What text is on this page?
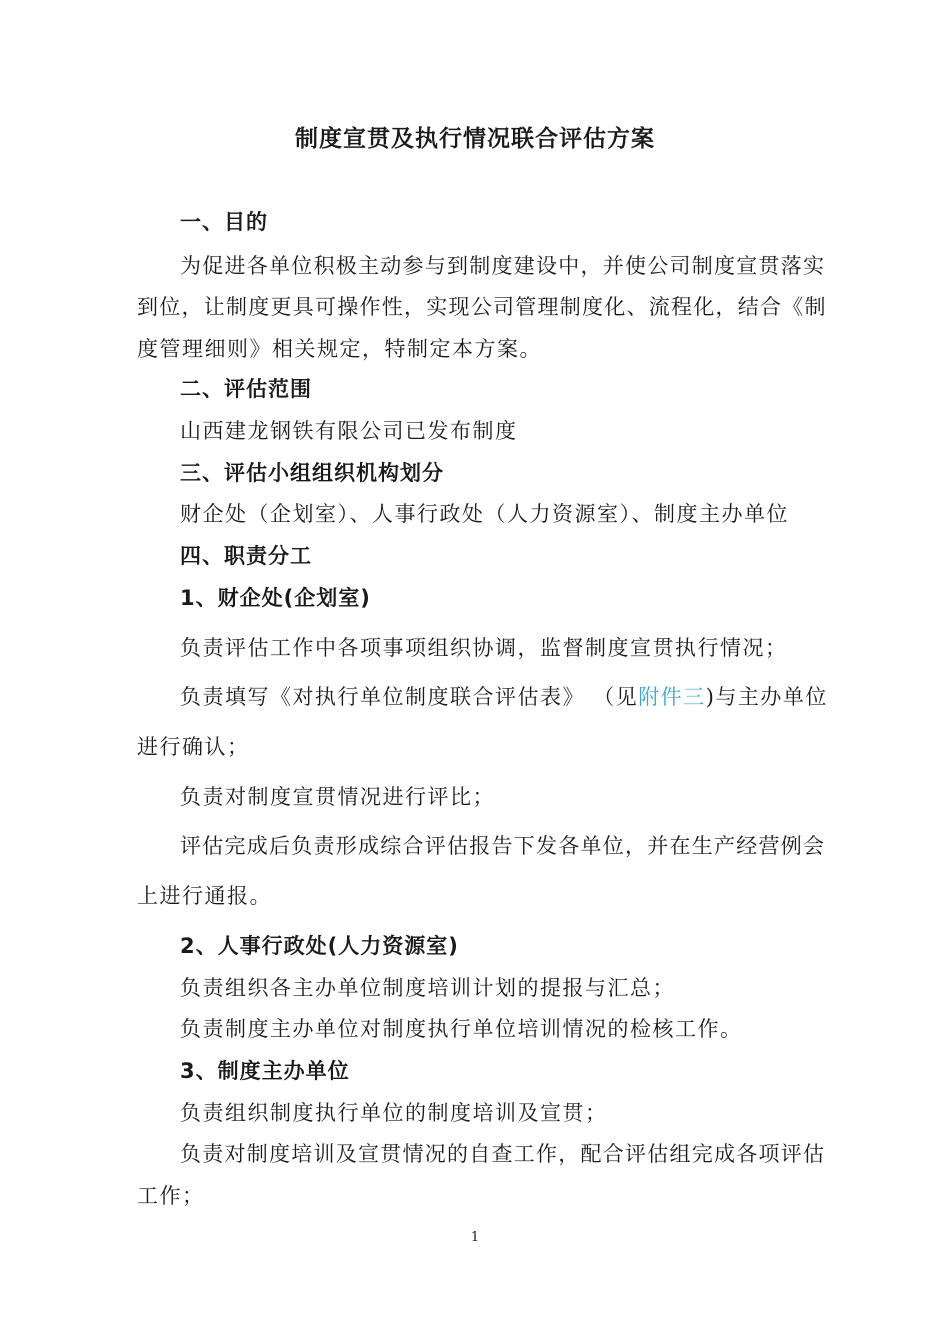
制度宣贯及执行情况联合评估方案
一、目的
为促进各单位积极主动参与到制度建设中，并使公司制度宣贯落实
到位，让制度更具可操作性，实现公司管理制度化、流程化，结合《制
度管理细则》相关规定，特制定本方案。
二、评估范围
山西建龙钢铁有限公司已发布制度
三、评估小组组织机构划分
财企处（企划室）、人事行政处（人力资源室）、制度主办单位
四、职责分工
1、财企处(企划室)
负责评估工作中各项事项组织协调，监督制度宣贯执行情况；
负责填写《对执行单位制度联合评估表》 （见附件三)与主办单位
进行确认；
负责对制度宣贯情况进行评比；
评估完成后负责形成综合评估报告下发各单位，并在生产经营例会
上进行通报。
2、人事行政处(人力资源室)
负责组织各主办单位制度培训计划的提报与汇总；
负责制度主办单位对制度执行单位培训情况的检核工作。
3、制度主办单位
负责组织制度执行单位的制度培训及宣贯；
负责对制度培训及宣贯情况的自查工作，配合评估组完成各项评估
工作；
1
